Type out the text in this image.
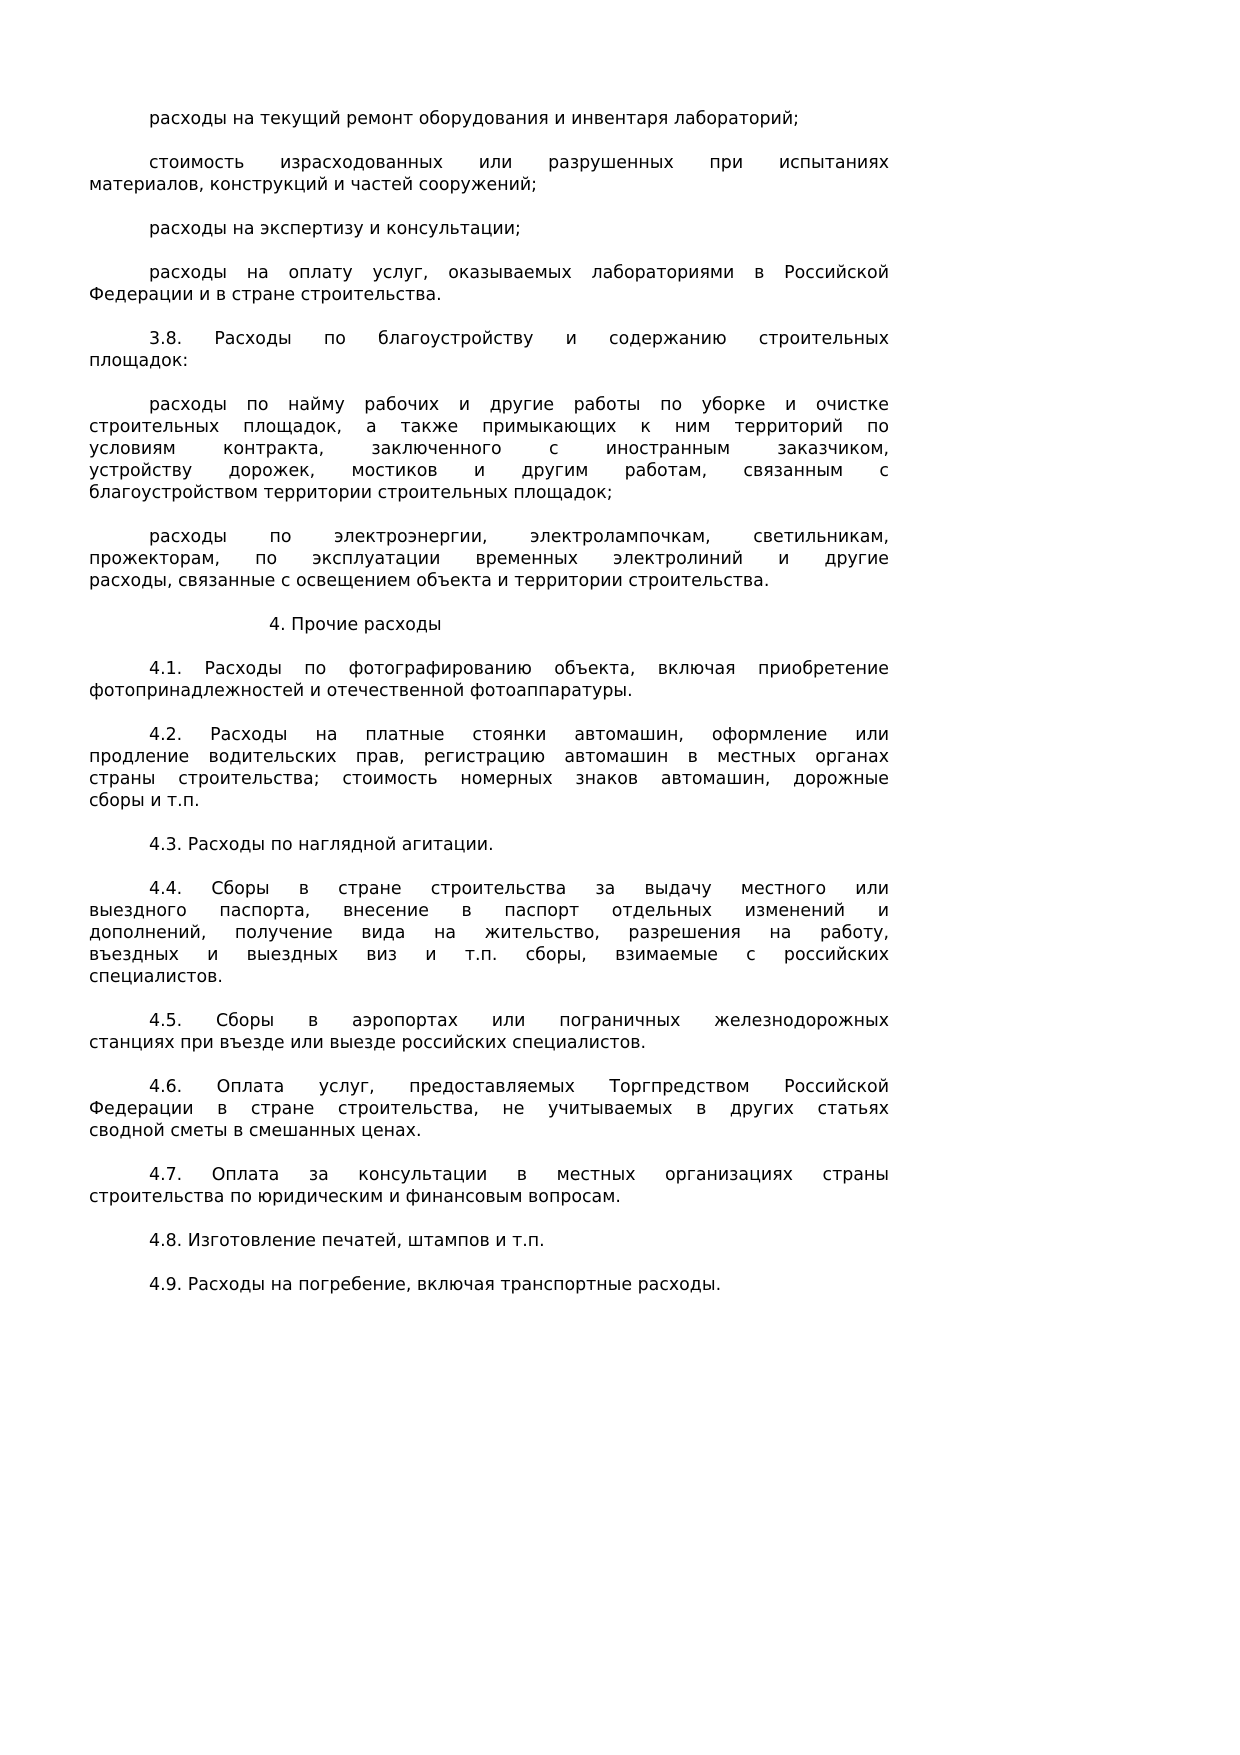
расходы на текущий ремонт оборудования и инвентаря лабораторий;

стоимость израсходованных или разрушенных при испытаниях
материалов, конструкций и частей сооружений;

расходы на экспертизу и консультации;

расходы на оплату услуг, оказываемых лабораториями в Российской
Федерации и в стране строительства.

3.8. Расходы по благоустройству и содержанию строительных
площадок:

расходы по найму рабочих и другие работы по уборке и очистке
строительных площадок, а также примыкающих к ним территорий по
условиям контракта, заключенного с иностранным заказчиком,
устройству дорожек, мостиков и другим работам, связанным с
благоустройством территории строительных площадок;

расходы по электроэнергии, электролампочкам, светильникам,
прожекторам, по эксплуатации временных электролиний и другие
расходы, связанные с освещением объекта и территории строительства.

4. Прочие расходы

4.1. Расходы по фотографированию объекта, включая приобретение
фотопринадлежностей и отечественной фотоаппаратуры.

4.2. Расходы на платные стоянки автомашин, оформление или
продление водительских прав, регистрацию автомашин в местных органах
страны строительства; стоимость номерных знаков автомашин, дорожные
сборы и т.п.

4.3. Расходы по наглядной агитации.

4.4. Сборы в стране строительства за выдачу местного или
выездного паспорта, внесение в паспорт отдельных изменений и
дополнений, получение вида на жительство, разрешения на работу,
въездных и выездных виз и т.п. сборы, взимаемые с российских
специалистов.

4.5. Сборы в аэропортах или пограничных железнодорожных
станциях при въезде или выезде российских специалистов.

4.6. Оплата услуг, предоставляемых Торгпредством Российской
Федерации в стране строительства, не учитываемых в других статьях
сводной сметы в смешанных ценах.

4.7. Оплата за консультации в местных организациях страны
строительства по юридическим и финансовым вопросам.

4.8. Изготовление печатей, штампов и т.п.

4.9. Расходы на погребение, включая транспортные расходы.
